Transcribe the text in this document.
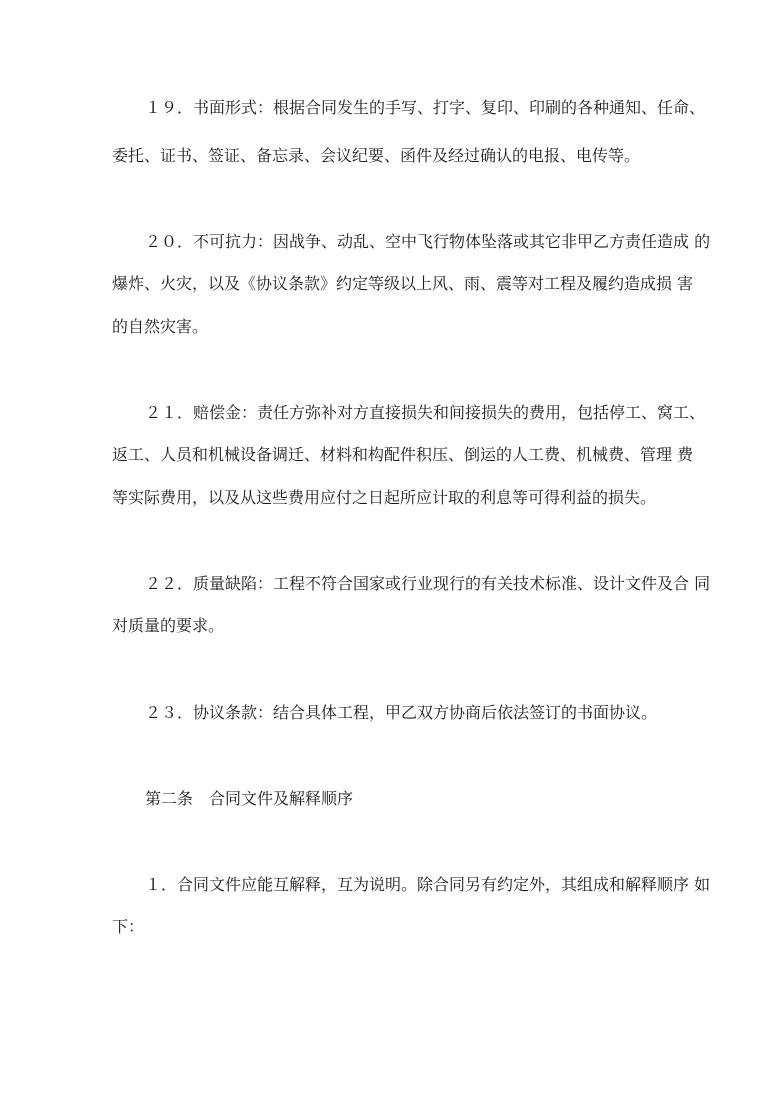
１９．书面形式：根据合同发生的手写、打字、复印、印刷的各种通知、任命、
委托、证书、签证、备忘录、会议纪要、函件及经过确认的电报、电传等。
２０．不可抗力：因战争、动乱、空中飞行物体坠落或其它非甲乙方责任造成 的
爆炸、火灾，以及《协议条款》约定等级以上风、雨、震等对工程及履约造成损 害
的自然灾害。
２１．赔偿金：责任方弥补对方直接损失和间接损失的费用，包括停工、窝工、
返工、人员和机械设备调迁、材料和构配件积压、倒运的人工费、机械费、管理 费
等实际费用，以及从这些费用应付之日起所应计取的利息等可得利益的损失。
２２．质量缺陷：工程不符合国家或行业现行的有关技术标准、设计文件及合 同
对质量的要求。
２３．协议条款：结合具体工程，甲乙双方协商后依法签订的书面协议。
第二条　合同文件及解释顺序
１．合同文件应能互解释，互为说明。除合同另有约定外，其组成和解释顺序 如
下：
